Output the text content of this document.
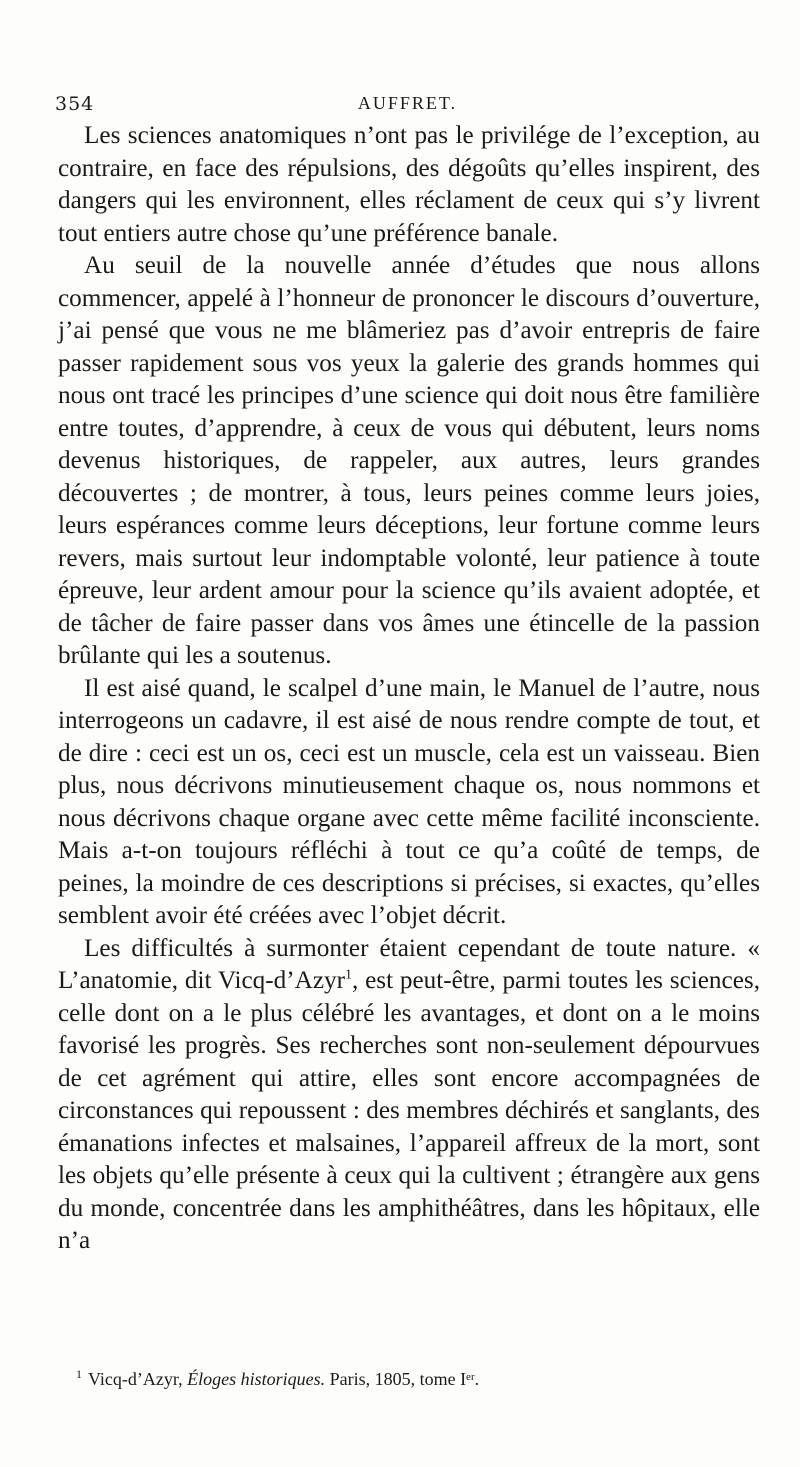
354	AUFFRET.

Les sciences anatomiques n’ont pas le privilége de l’exception, au contraire, en face des répulsions, des dégoûts qu’elles inspirent, des dangers qui les environnent, elles réclament de ceux qui s’y livrent tout entiers autre chose qu’une préférence banale.

Au seuil de la nouvelle année d’études que nous allons commencer, appelé à l’honneur de prononcer le discours d’ouverture, j’ai pensé que vous ne me blâmeriez pas d’avoir entrepris de faire passer rapidement sous vos yeux la galerie des grands hommes qui nous ont tracé les principes d’une science qui doit nous être familière entre toutes, d’apprendre, à ceux de vous qui débutent, leurs noms devenus historiques, de rappeler, aux autres, leurs grandes découvertes ; de montrer, à tous, leurs peines comme leurs joies, leurs espérances comme leurs déceptions, leur fortune comme leurs revers, mais surtout leur indomptable volonté, leur patience à toute épreuve, leur ardent amour pour la science qu’ils avaient adoptée, et de tâcher de faire passer dans vos âmes une étincelle de la passion brûlante qui les a soutenus.

Il est aisé quand, le scalpel d’une main, le Manuel de l’autre, nous interrogeons un cadavre, il est aisé de nous rendre compte de tout, et de dire : ceci est un os, ceci est un muscle, cela est un vaisseau. Bien plus, nous décrivons minutieusement chaque os, nous nommons et nous décrivons chaque organe avec cette même facilité inconsciente. Mais a-t-on toujours réfléchi à tout ce qu’a coûté de temps, de peines, la moindre de ces descriptions si précises, si exactes, qu’elles semblent avoir été créées avec l’objet décrit.

Les difficultés à surmonter étaient cependant de toute nature. « L’anatomie, dit Vicq-d’Azyr$^1$, est peut-être, parmi toutes les sciences, celle dont on a le plus célébré les avantages, et dont on a le moins favorisé les progrès. Ses recherches sont non-seulement dépourvues de cet agrément qui attire, elles sont encore accompagnées de circonstances qui repoussent : des membres déchirés et sanglants, des émanations infectes et malsaines, l’appareil affreux de la mort, sont les objets qu’elle présente à ceux qui la cultivent ; étrangère aux gens du monde, concentrée dans les amphithéâtres, dans les hôpitaux, elle n’a

$^1$ Vicq-d’Azyr, Éloges historiques. Paris, 1805, tome Iᵉʳ.
